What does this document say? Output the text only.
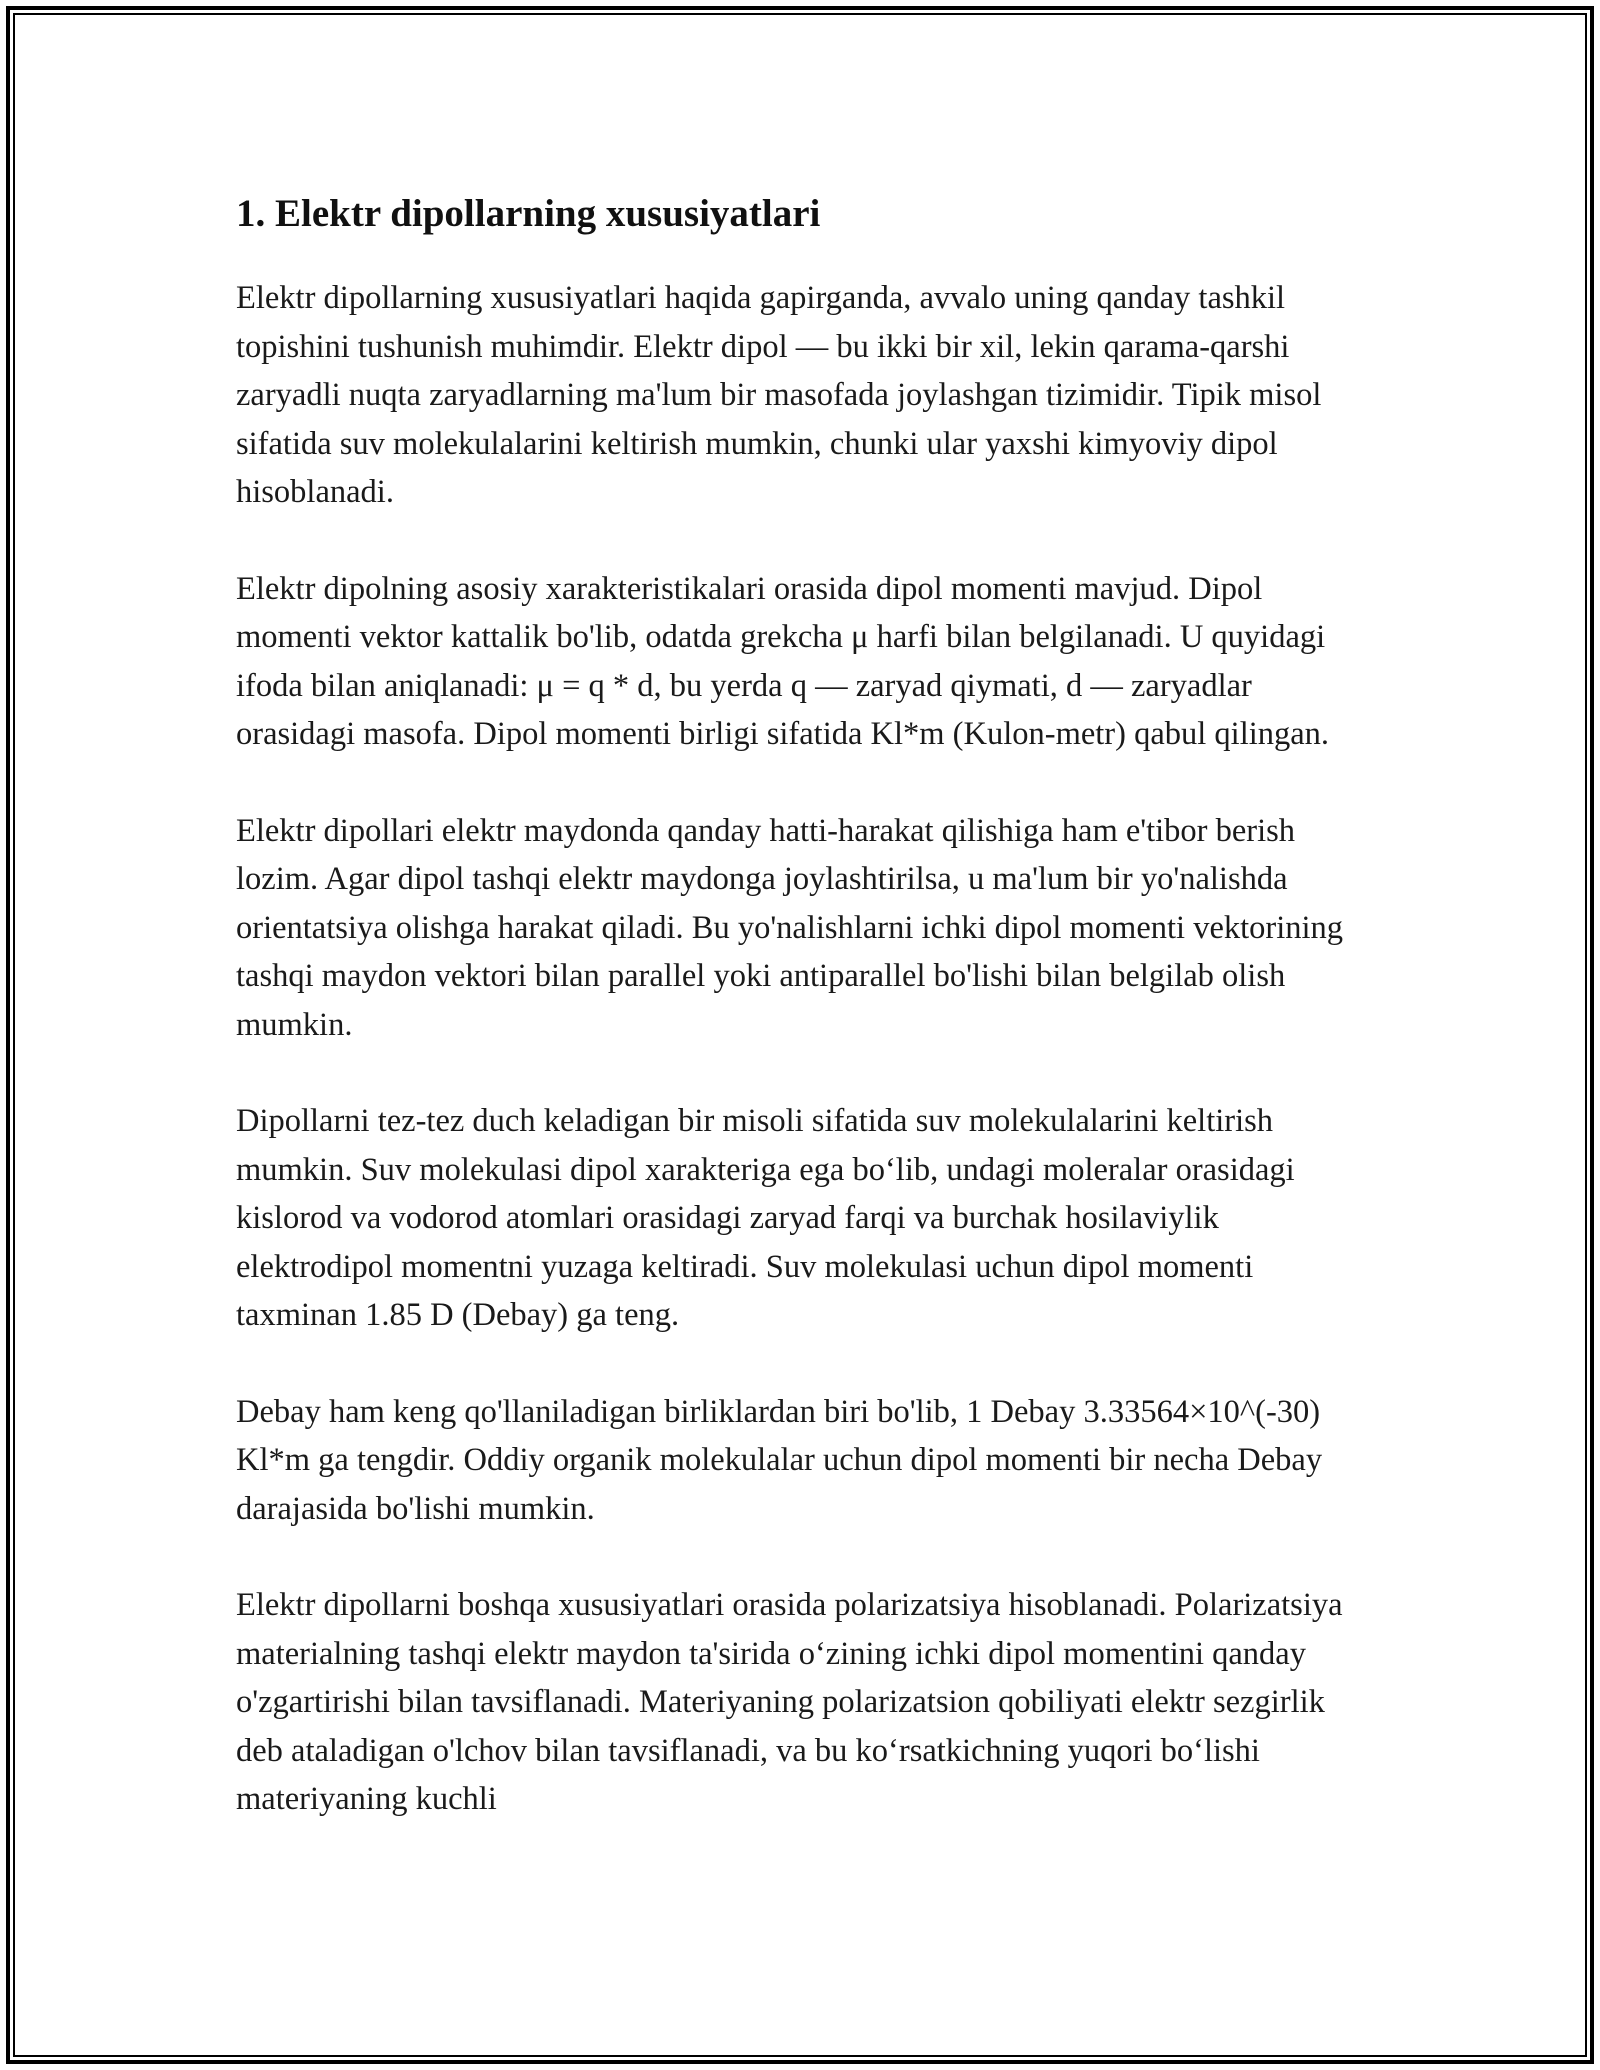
1. Elektr dipollarning xususiyatlari

Elektr dipollarning xususiyatlari haqida gapirganda, avvalo uning qanday tashkil topishini tushunish muhimdir. Elektr dipol — bu ikki bir xil, lekin qarama-qarshi zaryadli nuqta zaryadlarning ma'lum bir masofada joylashgan tizimidir. Tipik misol sifatida suv molekulalarini keltirish mumkin, chunki ular yaxshi kimyoviy dipol hisoblanadi.

Elektr dipolning asosiy xarakteristikalari orasida dipol momenti mavjud. Dipol momenti vektor kattalik bo'lib, odatda grekcha μ harfi bilan belgilanadi. U quyidagi ifoda bilan aniqlanadi: μ = q * d, bu yerda q — zaryad qiymati, d — zaryadlar orasidagi masofa. Dipol momenti birligi sifatida Kl*m (Kulon-metr) qabul qilingan.

Elektr dipollari elektr maydonda qanday hatti-harakat qilishiga ham e'tibor berish lozim. Agar dipol tashqi elektr maydonga joylashtirilsa, u ma'lum bir yo'nalishda orientatsiya olishga harakat qiladi. Bu yo'nalishlarni ichki dipol momenti vektorining tashqi maydon vektori bilan parallel yoki antiparallel bo'lishi bilan belgilab olish mumkin.

Dipollarni tez-tez duch keladigan bir misoli sifatida suv molekulalarini keltirish mumkin. Suv molekulasi dipol xarakteriga ega bo‘lib, undagi moleralar orasidagi kislorod va vodorod atomlari orasidagi zaryad farqi va burchak hosilaviylik elektrodipol momentni yuzaga keltiradi. Suv molekulasi uchun dipol momenti taxminan 1.85 D (Debay) ga teng.

Debay ham keng qo'llaniladigan birliklardan biri bo'lib, 1 Debay 3.33564×10^(-30) Kl*m ga tengdir. Oddiy organik molekulalar uchun dipol momenti bir necha Debay darajasida bo'lishi mumkin.

Elektr dipollarni boshqa xususiyatlari orasida polarizatsiya hisoblanadi. Polarizatsiya materialning tashqi elektr maydon ta'sirida o‘zining ichki dipol momentini qanday o'zgartirishi bilan tavsiflanadi. Materiyaning polarizatsion qobiliyati elektr sezgirlik deb ataladigan o'lchov bilan tavsiflanadi, va bu ko‘rsatkichning yuqori bo‘lishi materiyaning kuchli
